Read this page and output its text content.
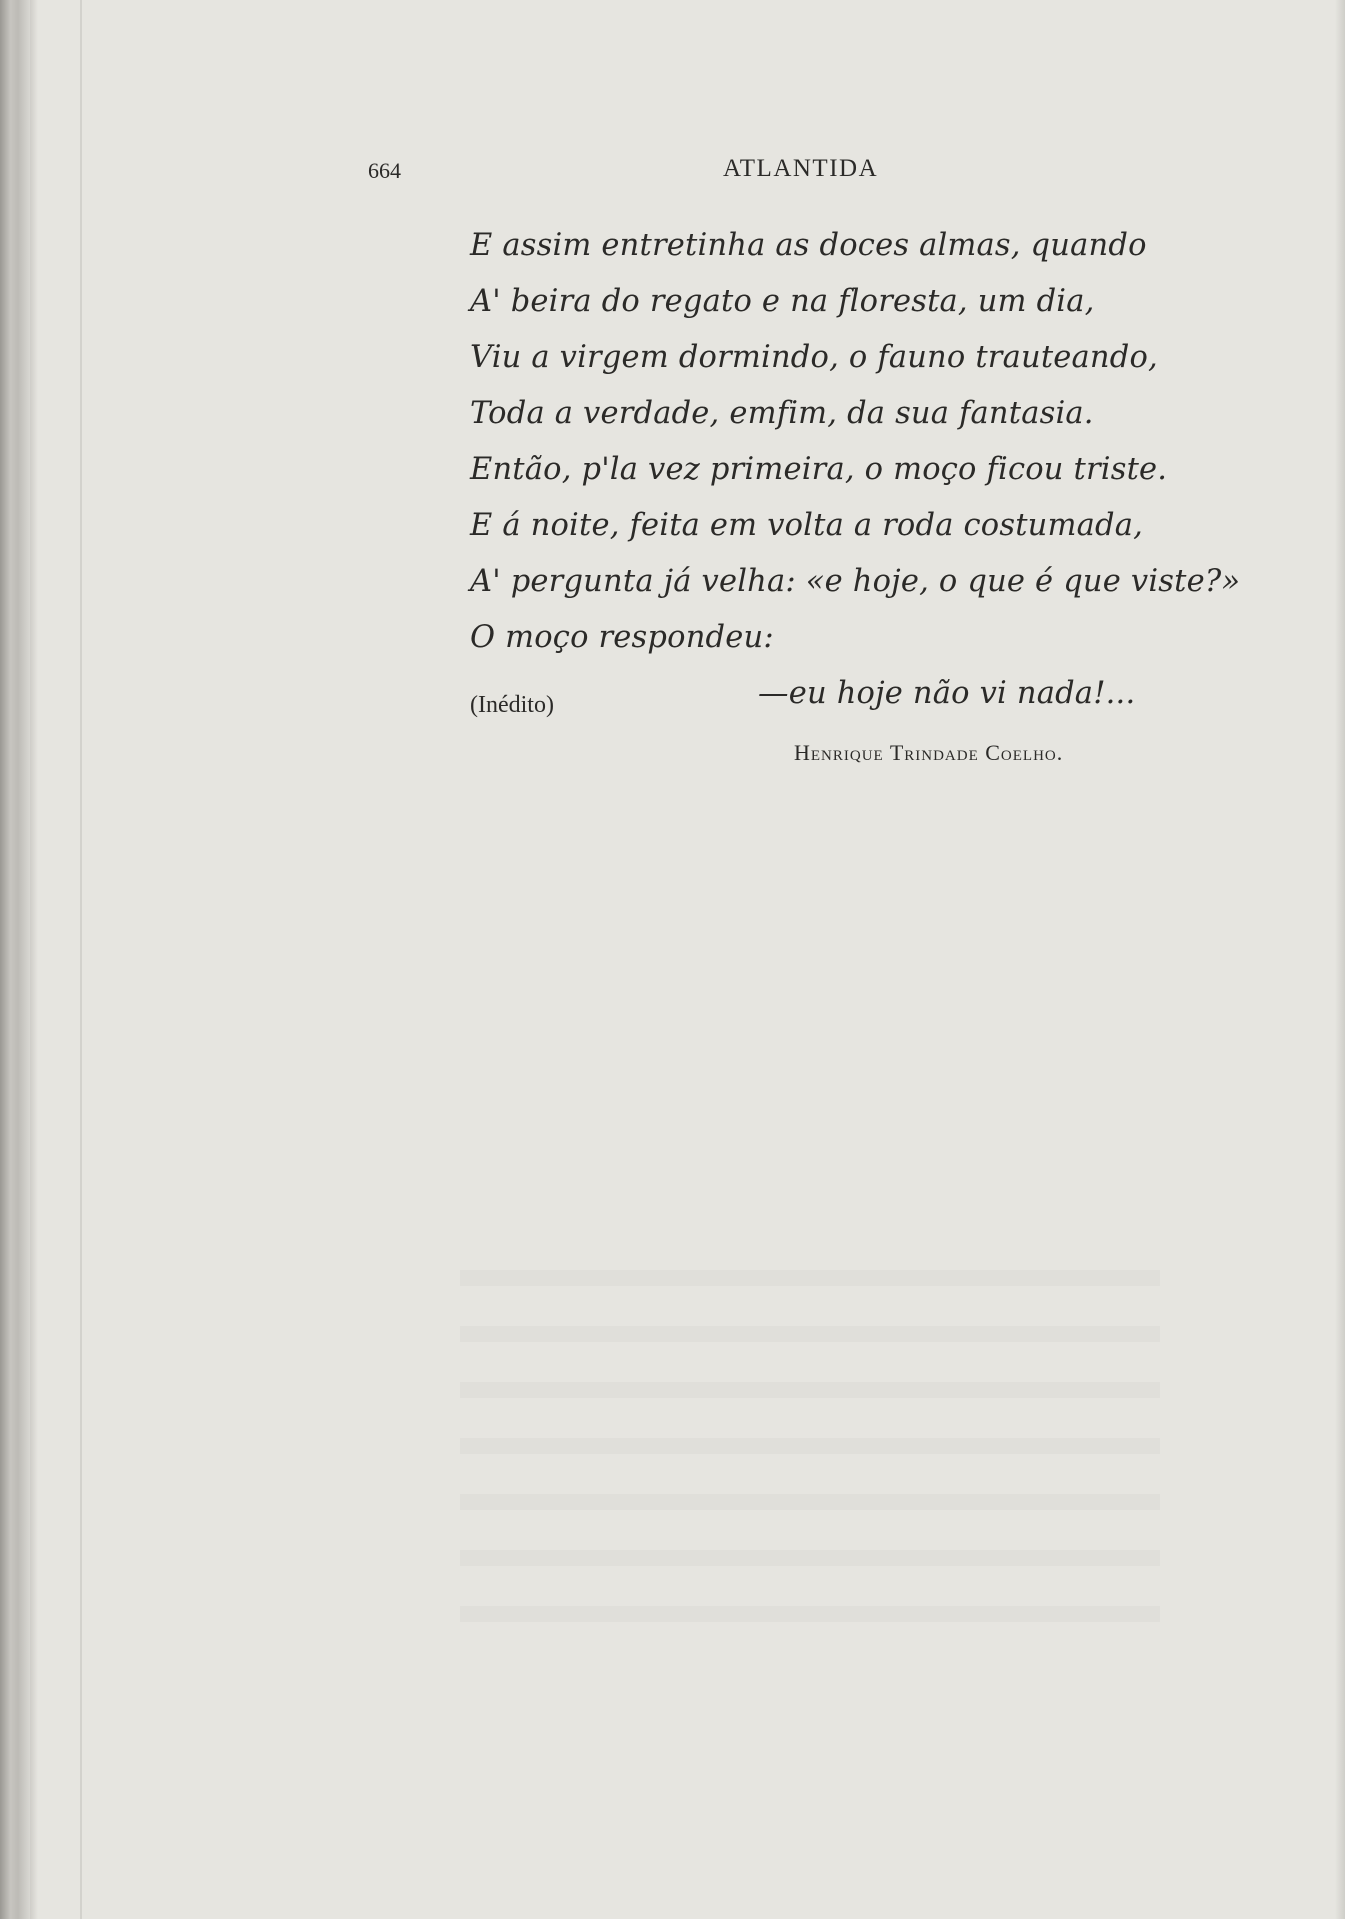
664	ATLANTIDA
E assim entretinha as doces almas, quando
A' beira do regato e na floresta, um dia,
Viu a virgem dormindo, o fauno trauteando,
Toda a verdade, emfim, da sua fantasia.
Então, p'la vez primeira, o moço ficou triste.
E á noite, feita em volta a roda costumada,
A' pergunta já velha: «e hoje, o que é que viste?»
O moço respondeu:
—eu hoje não vi nada!...
(Inédito)
Henrique Trindade Coelho.
